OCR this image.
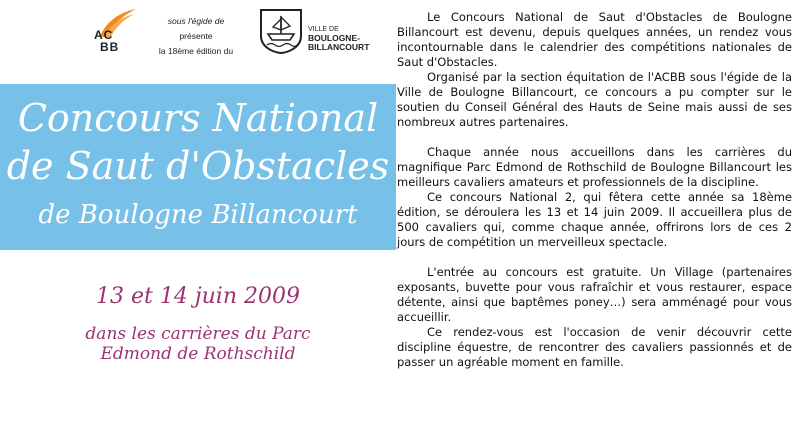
AC
BB
sous l'égide de
présente
la 18ème édition du
VILLE DE
BOULOGNE-
BILLANCOURT
Concours National
de Saut d'Obstacles
de Boulogne Billancourt
13 et 14 juin 2009
dans les carrières du Parc
Edmond de Rothschild

Le Concours National de Saut d'Obstacles de Boulogne Billancourt est devenu, depuis quelques années, un rendez vous incontournable dans le calendrier des compétitions nationales de Saut d'Obstacles.

Organisé par la section équitation de l'ACBB sous l'égide de la Ville de Boulogne Billancourt, ce concours a pu compter sur le soutien du Conseil Général des Hauts de Seine mais aussi de ses nombreux autres partenaires.

Chaque année nous accueillons dans les carrières du magnifique Parc Edmond de Rothschild de Boulogne Billancourt les meilleurs cavaliers amateurs et professionnels de la discipline.

Ce concours National 2, qui fêtera cette année sa 18ème édition, se déroulera les 13 et 14 juin 2009. Il accueillera plus de 500 cavaliers qui, comme chaque année, offrirons lors de ces 2 jours de compétition un merveilleux spectacle.

L'entrée au concours est gratuite. Un Village (partenaires exposants, buvette pour vous rafraîchir et vous restaurer, espace détente, ainsi que baptêmes poney…) sera amménagé pour vous accueillir.

Ce rendez-vous est l'occasion de venir découvrir cette discipline équestre, de rencontrer des cavaliers passionnés et de passer un agréable moment en famille.
